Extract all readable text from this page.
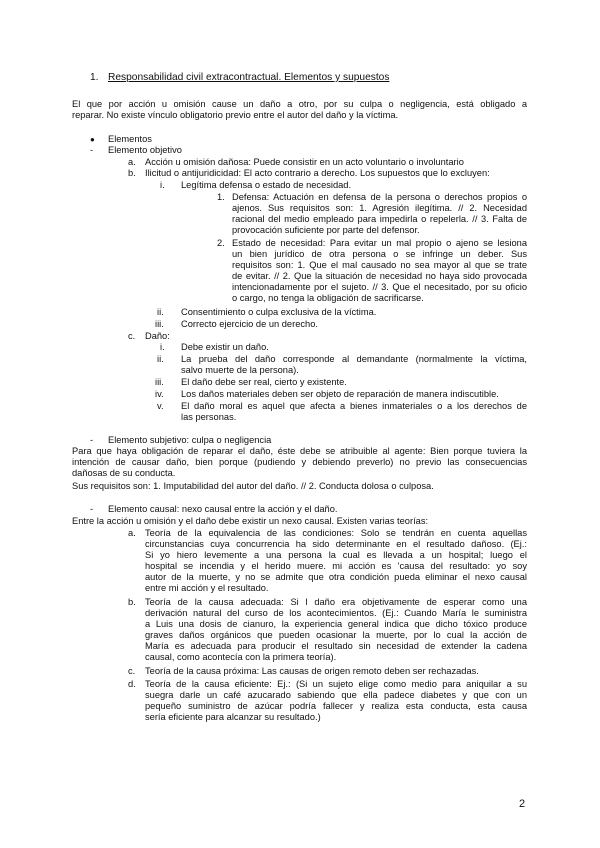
1. Responsabilidad civil extracontractual. Elementos y supuestos
El que por acción u omisión cause un daño a otro, por su culpa o negligencia, está obligado a
reparar. No existe vínculo obligatorio previo entre el autor del daño y la víctima.
● Elementos
- Elemento objetivo
a. Acción u omisión dañosa: Puede consistir en un acto voluntario o involuntario
b. Ilicitud o antijuridicidad: El acto contrario a derecho. Los supuestos que lo excluyen:
i. Legítima defensa o estado de necesidad.
1. Defensa: Actuación en defensa de la persona o derechos propios o
ajenos. Sus requisitos son: 1. Agresión ilegítima. // 2. Necesidad
racional del medio empleado para impedirla o repelerla. // 3. Falta de
provocación suficiente por parte del defensor.
2. Estado de necesidad: Para evitar un mal propio o ajeno se lesiona
un bien jurídico de otra persona o se infringe un deber. Sus
requisitos son: 1. Que el mal causado no sea mayor al que se trate
de evitar. // 2. Que la situación de necesidad no haya sido provocada
intencionadamente por el sujeto. // 3. Que el necesitado, por su oficio
o cargo, no tenga la obligación de sacrificarse.
ii. Consentimiento o culpa exclusiva de la víctima.
iii. Correcto ejercicio de un derecho.
c. Daño:
i. Debe existir un daño.
ii. La prueba del daño corresponde al demandante (normalmente la víctima,
salvo muerte de la persona).
iii. El daño debe ser real, cierto y existente.
iv. Los daños materiales deben ser objeto de reparación de manera indiscutible.
v. El daño moral es aquel que afecta a bienes inmateriales o a los derechos de
las personas.
- Elemento subjetivo: culpa o negligencia
Para que haya obligación de reparar el daño, éste debe se atribuible al agente: Bien porque tuviera la
intención de causar daño, bien porque (pudiendo y debiendo preverlo) no previo las consecuencias
dañosas de su conducta.
Sus requisitos son: 1. Imputabilidad del autor del daño. // 2. Conducta dolosa o culposa.
- Elemento causal: nexo causal entre la acción y el daño.
Entre la acción u omisión y el daño debe existir un nexo causal. Existen varias teorías:
a. Teoría de la equivalencia de las condiciones: Solo se tendrán en cuenta aquellas
circunstancias cuya concurrencia ha sido determinante en el resultado dañoso. (Ej.:
Si yo hiero levemente a una persona la cual es llevada a un hospital; luego el
hospital se incendia y el herido muere. mi acción es 'causa del resultado: yo soy
autor de la muerte, y no se admite que otra condición pueda eliminar el nexo causal
entre mi acción y el resultado.
b. Teoría de la causa adecuada: Si l daño era objetivamente de esperar como una
derivación natural del curso de los acontecimientos. (Ej.: Cuando María le suministra
a Luis una dosis de cianuro, la experiencia general indica que dicho tóxico produce
graves daños orgánicos que pueden ocasionar la muerte, por lo cual la acción de
María es adecuada para producir el resultado sin necesidad de extender la cadena
causal, como acontecía con la primera teoría).
c. Teoría de la causa próxima: Las causas de origen remoto deben ser rechazadas.
d. Teoría de la causa eficiente: Ej.: (Si un sujeto elige como medio para aniquilar a su
suegra darle un café azucarado sabiendo que ella padece diabetes y que con un
pequeño suministro de azúcar podría fallecer y realiza esta conducta, esta causa
sería eficiente para alcanzar su resultado.)
2
